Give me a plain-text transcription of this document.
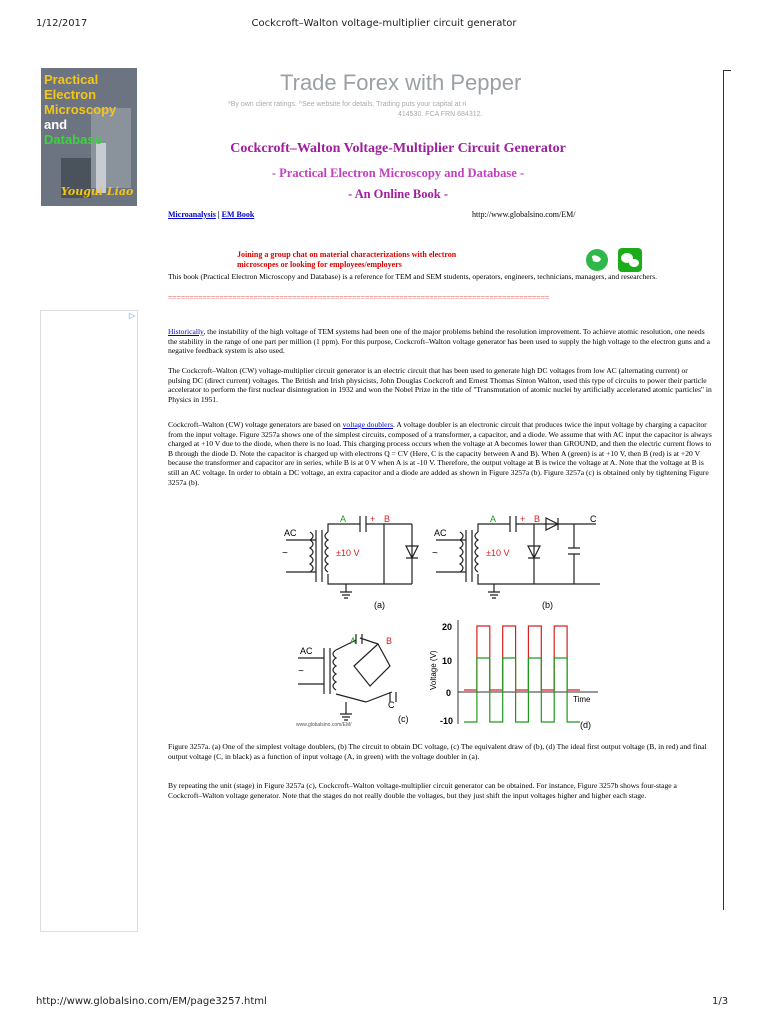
1/12/2017	Cockcroft–Walton voltage-multiplier circuit generator
Practical
Electron
Microscopy
and
Database
Yougui Liao
Trade Forex with Pepper
*By own client ratings. ^See website for details. Trading puts your capital at ri
414530. FCA FRN 684312.
Cockcroft–Walton Voltage-Multiplier Circuit Generator
- Practical Electron Microscopy and Database -
- An Online Book -
Microanalysis | EM Book	http://www.globalsino.com/EM/
Joining a group chat on material characterizations with electron
microscopes or looking for employees/employers
This book (Practical Electron Microscopy and Database) is a reference for TEM and SEM students, operators, engineers, technicians, managers, and researchers.
=========================================================================================
▷
Historically, the instability of the high voltage of TEM systems had been one of the major problems behind the resolution improvement. To achieve atomic resolution, one needs the stability in the range of one part per million (1 ppm). For this purpose, Cockcroft–Walton voltage generator has been used to supply the high voltage to the electron guns and a negative feedback system is also used.
The Cockcroft–Walton (CW) voltage-multiplier circuit generator is an electric circuit that has been used to generate high DC voltages from low AC (alternating current) or pulsing DC (direct current) voltages. The British and Irish physicists, John Douglas Cockcroft and Ernest Thomas Sinton Walton, used this type of circuits to power their particle accelerator to perform the first nuclear disintegration in 1932 and won the Nobel Prize in the title of "Transmutation of atomic nuclei by artificially accelerated atomic particles" in Physics in 1951.
Cockcroft–Walton (CW) voltage generators are based on voltage doublers. A voltage doubler is an electronic circuit that produces twice the input voltage by charging a capacitor from the input voltage. Figure 3257a shows one of the simplest circuits, composed of a transformer, a capacitor, and a diode. We assume that with AC input the capacitor is always charged at +10 V due to the diode, when there is no load. This charging process occurs when the voltage at A becomes lower than GROUND, and then the electric current flows to B through the diode D. Note the capacitor is charged up with electrons Q = CV (Here, C is the capacity between A and B). When A (green) is at +10 V, then B (red) is at +20 V because the transformer and capacitor are in series, while B is at 0 V when A is at -10 V. Therefore, the output voltage at B is twice the voltage at A. Note that the voltage at B is still an AC voltage. In order to obtain a DC voltage, an extra capacitor and a diode are added as shown in Figure 3257a (b). Figure 3257a (c) is obtained only by tightening Figure 3257a (b).
AC
~
A	+ B
±10 V
AC
~
A	+ B	C
±10 V
(a)	(b)
AC
~
A	B
C
(c)
www.globalsino.com/EM/
20
10
0
-10
Voltage (V)
Time
(d)
Figure 3257a. (a) One of the simplest voltage doublers, (b) The circuit to obtain DC voltage, (c) The equivalent draw of (b), (d) The ideal first output voltage (B, in red) and final output voltage (C, in black) as a function of input voltage (A, in green) with the voltage doubler in (a).
By repeating the unit (stage) in Figure 3257a (c), Cockcroft–Walton voltage-multiplier circuit generator can be obtained. For instance, Figure 3257b shows four-stage a Cockcroft–Walton voltage generator. Note that the stages do not really double the voltages, but they just shift the input voltages higher and higher each stage.
http://www.globalsino.com/EM/page3257.html	1/3
